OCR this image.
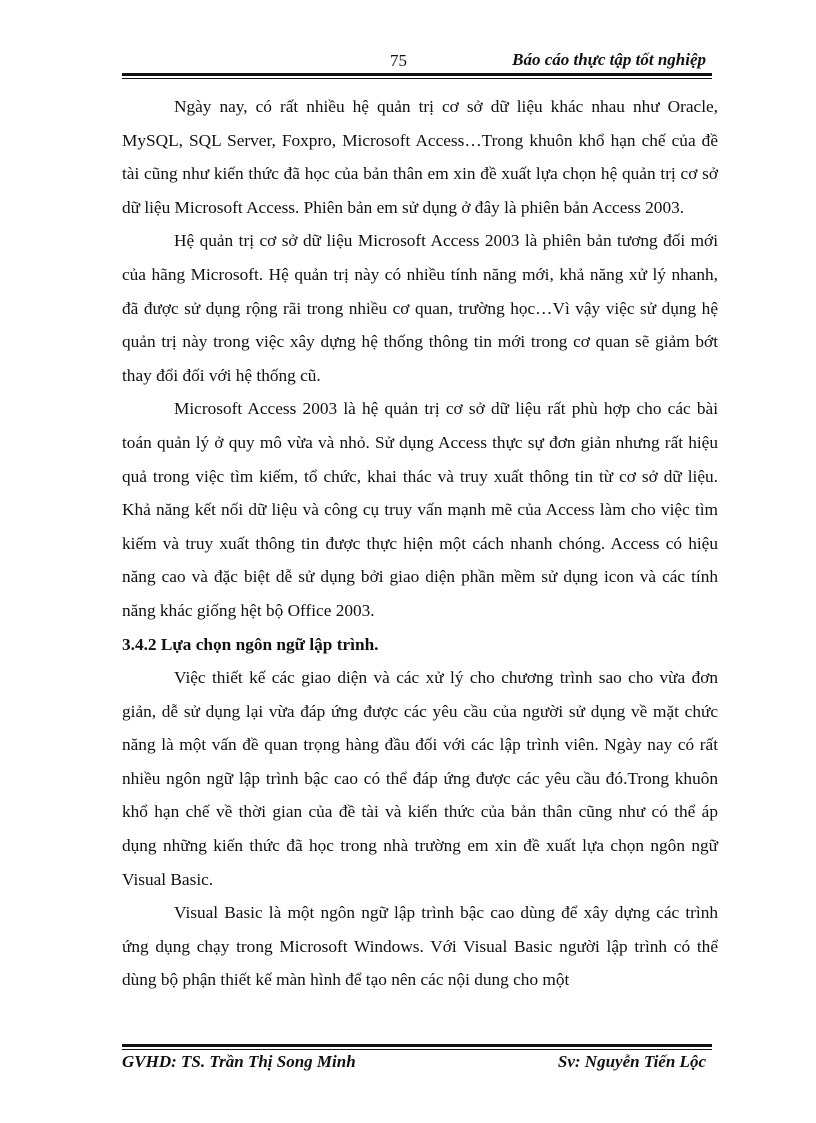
75	Báo cáo thực tập tốt nghiệp

Ngày nay, có rất nhiều hệ quản trị cơ sở dữ liệu khác nhau như Oracle, MySQL, SQL Server, Foxpro, Microsoft Access…Trong khuôn khổ hạn chế của đề tài cũng như kiến thức đã học của bản thân em xin đề xuất lựa chọn hệ quản trị cơ sở dữ liệu Microsoft Access. Phiên bản em sử dụng ở đây là phiên bản Access 2003.

Hệ quản trị cơ sở dữ liệu Microsoft Access 2003 là phiên bản tương đối mới của hãng Microsoft. Hệ quản trị này có nhiều tính năng mới, khả năng xử lý nhanh, đã được sử dụng rộng rãi trong nhiều cơ quan, trường học…Vì vậy việc sử dụng hệ quản trị này trong việc xây dựng hệ thống thông tin mới trong cơ quan sẽ giảm bớt thay đổi đối với hệ thống cũ.

Microsoft Access 2003 là hệ quản trị cơ sở dữ liệu rất phù hợp cho các bài toán quản lý ở quy mô vừa và nhỏ. Sử dụng Access thực sự đơn giản nhưng rất hiệu quả trong việc tìm kiếm, tổ chức, khai thác và truy xuất thông tin từ cơ sở dữ liệu. Khả năng kết nối dữ liệu và công cụ truy vấn mạnh mẽ của Access làm cho việc tìm kiếm và truy xuất thông tin được thực hiện một cách nhanh chóng. Access có hiệu năng cao và đặc biệt dễ sử dụng bởi giao diện phần mềm sử dụng icon và các tính năng khác giống hệt bộ Office 2003.

3.4.2 Lựa chọn ngôn ngữ lập trình.

Việc thiết kế các giao diện và các xử lý cho chương trình sao cho vừa đơn giản, dễ sử dụng lại vừa đáp ứng được các yêu cầu của người sử dụng về mặt chức năng là một vấn đề quan trọng hàng đầu đối với các lập trình viên. Ngày nay có rất nhiều ngôn ngữ lập trình bậc cao có thể đáp ứng được các yêu cầu đó.Trong khuôn khổ hạn chế về thời gian của đề tài và kiến thức của bản thân cũng như có thể áp dụng những kiến thức đã học trong nhà trường em xin đề xuất lựa chọn ngôn ngữ Visual Basic.

Visual Basic là một ngôn ngữ lập trình bậc cao dùng để xây dựng các trình ứng dụng chạy trong Microsoft Windows. Với Visual Basic người lập trình có thể dùng bộ phận thiết kế màn hình để tạo nên các nội dung cho một

GVHD: TS. Trần Thị Song Minh	Sv: Nguyễn Tiến Lộc
